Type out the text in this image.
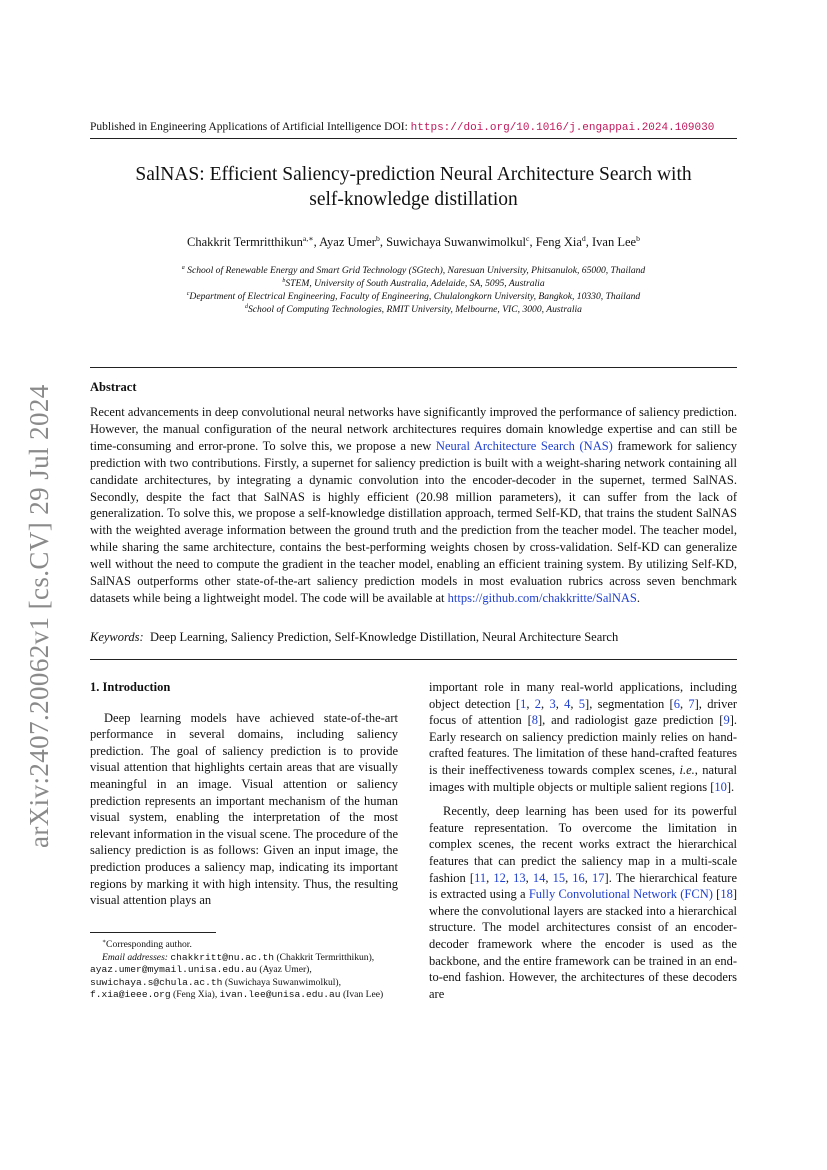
Published in Engineering Applications of Artificial Intelligence DOI: https://doi.org/10.1016/j.engappai.2024.109030
arXiv:2407.20062v1 [cs.CV] 29 Jul 2024
SalNAS: Efficient Saliency-prediction Neural Architecture Search with
self-knowledge distillation
Chakkrit Termritthikun$^{a,∗}$, Ayaz Umer$^b$, Suwichaya Suwanwimolkul$^c$, Feng Xia$^d$, Ivan Lee$^b$
$^a$ School of Renewable Energy and Smart Grid Technology (SGtech), Naresuan University, Phitsanulok, 65000, Thailand
$^b$STEM, University of South Australia, Adelaide, SA, 5095, Australia
$^c$Department of Electrical Engineering, Faculty of Engineering, Chulalongkorn University, Bangkok, 10330, Thailand
$^d$School of Computing Technologies, RMIT University, Melbourne, VIC, 3000, Australia
Abstract
Recent advancements in deep convolutional neural networks have significantly improved the performance of saliency prediction. However, the manual configuration of the neural network architectures requires domain knowledge expertise and can still be time-consuming and error-prone. To solve this, we propose a new Neural Architecture Search (NAS) framework for saliency prediction with two contributions. Firstly, a supernet for saliency prediction is built with a weight-sharing network containing all candidate architectures, by integrating a dynamic convolution into the encoder-decoder in the supernet, termed SalNAS. Secondly, despite the fact that SalNAS is highly efficient (20.98 million parameters), it can suffer from the lack of generalization. To solve this, we propose a self-knowledge distillation approach, termed Self-KD, that trains the student SalNAS with the weighted average information between the ground truth and the prediction from the teacher model. The teacher model, while sharing the same architecture, contains the best-performing weights chosen by cross-validation. Self-KD can generalize well without the need to compute the gradient in the teacher model, enabling an efficient training system. By utilizing Self-KD, SalNAS outperforms other state-of-the-art saliency prediction models in most evaluation rubrics across seven benchmark datasets while being a lightweight model. The code will be available at https://github.com/chakkritte/SalNAS.
Keywords: Deep Learning, Saliency Prediction, Self-Knowledge Distillation, Neural Architecture Search
1. Introduction

Deep learning models have achieved state-of-the-art performance in several domains, including saliency prediction. The goal of saliency prediction is to provide visual attention that highlights certain areas that are visually meaningful in an image. Visual attention or saliency prediction represents an important mechanism of the human visual system, enabling the interpretation of the most relevant information in the visual scene. The procedure of the saliency prediction is as follows: Given an input image, the prediction produces a saliency map, indicating its important regions by marking it with high intensity. Thus, the resulting visual attention plays an

important role in many real-world applications, including object detection [1, 2, 3, 4, 5], segmentation [6, 7], driver focus of attention [8], and radiologist gaze prediction [9]. Early research on saliency prediction mainly relies on hand-crafted features. The limitation of these hand-crafted features is their ineffectiveness towards complex scenes, i.e., natural images with multiple objects or multiple salient regions [10].

Recently, deep learning has been used for its powerful feature representation. To overcome the limitation in complex scenes, the recent works extract the hierarchical features that can predict the saliency map in a multi-scale fashion [11, 12, 13, 14, 15, 16, 17]. The hierarchical feature is extracted using a Fully Convolutional Network (FCN) [18] where the convolutional layers are stacked into a hierarchical structure. The model architectures consist of an encoder-decoder framework where the encoder is used as the backbone, and the entire framework can be trained in an end-to-end fashion. However, the architectures of these decoders are

∗Corresponding author.
Email addresses: chakkritt@nu.ac.th (Chakkrit Termritthikun), ayaz.umer@mymail.unisa.edu.au (Ayaz Umer), suwichaya.s@chula.ac.th (Suwichaya Suwanwimolkul), f.xia@ieee.org (Feng Xia), ivan.lee@unisa.edu.au (Ivan Lee)
